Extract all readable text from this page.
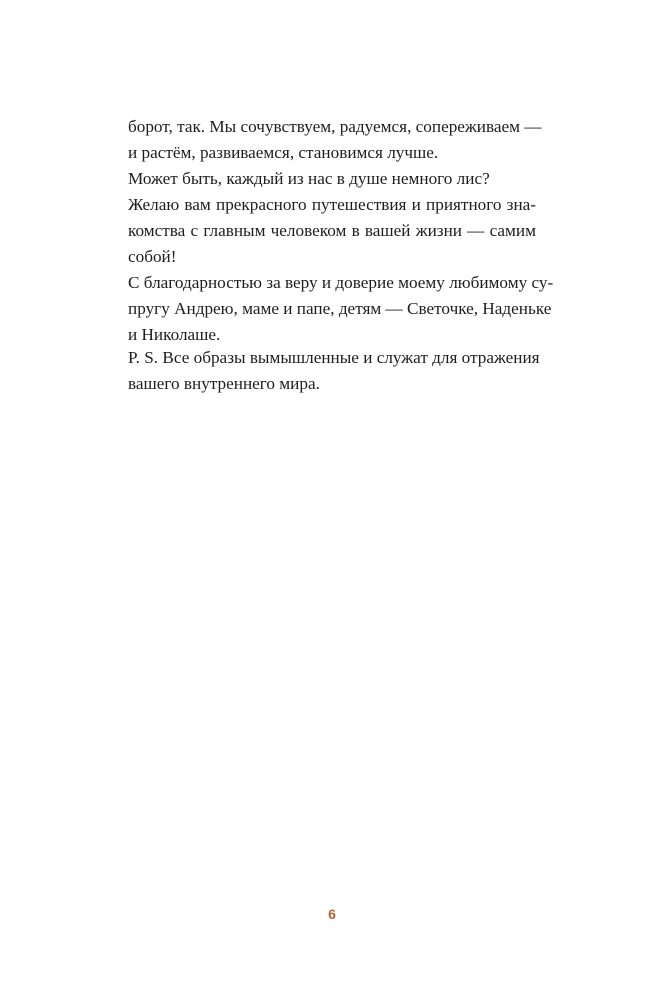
борот, так. Мы сочувствуем, радуемся, сопереживаем —
и растём, развиваемся, становимся лучше.
Может быть, каждый из нас в душе немного лис?
Желаю вам прекрасного путешествия и приятного зна-
комства с главным человеком в вашей жизни — самим
собой!
С благодарностью за веру и доверие моему любимому су-
пругу Андрею, маме и папе, детям — Светочке, Наденьке
и Николаше.
P. S. Все образы вымышленные и служат для отражения
вашего внутреннего мира.
6
